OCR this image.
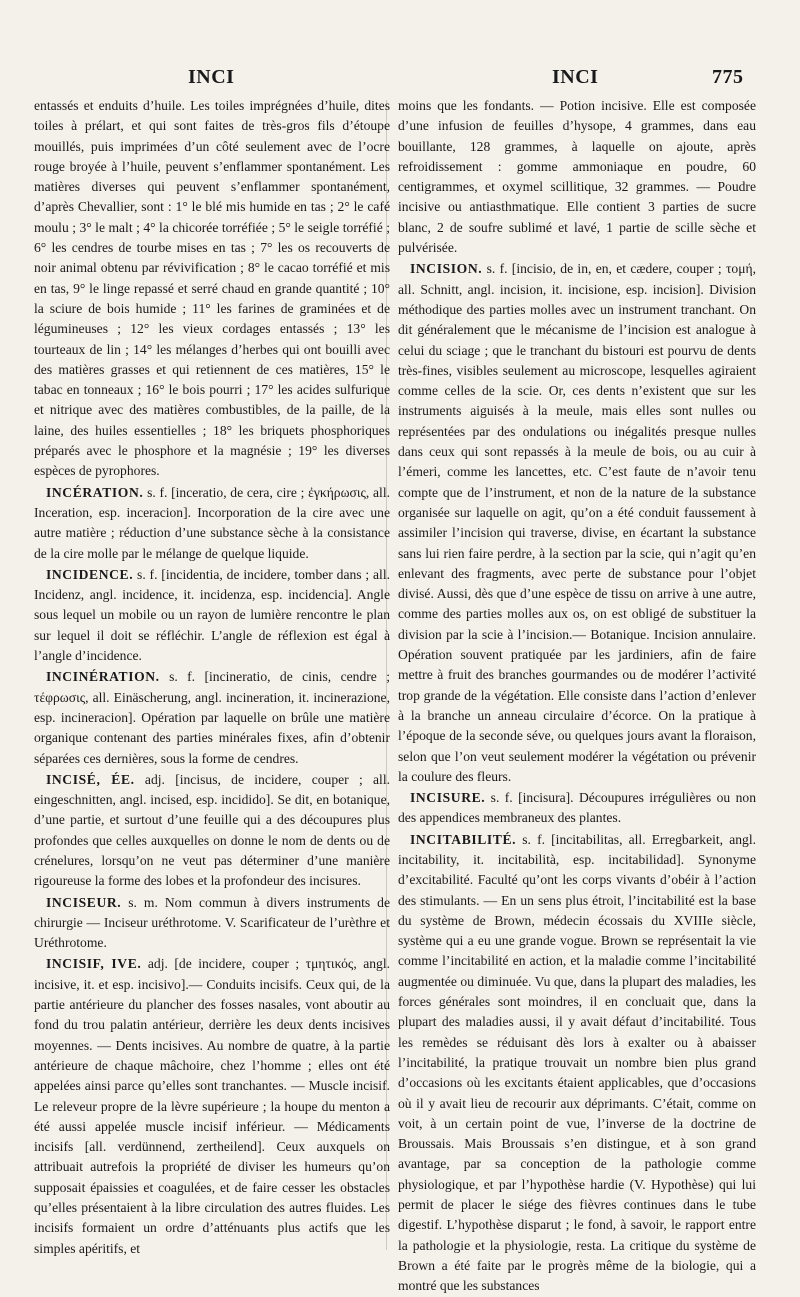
INCI	INCI	775

entassés et enduits d’huile. Les toiles imprégnées d’huile, dites toiles à prélart, et qui sont faites de très-gros fils d’étoupe mouillés, puis imprimées d’un côté seulement avec de l’ocre rouge broyée à l’huile, peuvent s’enflammer spontanément. Les matières diverses qui peuvent s’enflammer spontanément, d’après Chevallier, sont : 1° le blé mis humide en tas ; 2° le café moulu ; 3° le malt ; 4° la chicorée torréfiée ; 5° le seigle torréfié ; 6° les cendres de tourbe mises en tas ; 7° les os recouverts de noir animal obtenu par révivification ; 8° le cacao torréfié et mis en tas, 9° le linge repassé et serré chaud en grande quantité ; 10° la sciure de bois humide ; 11° les farines de graminées et de légumineuses ; 12° les vieux cordages entassés ; 13° les tourteaux de lin ; 14° les mélanges d’herbes qui ont bouilli avec des matières grasses et qui retiennent de ces matières, 15° le tabac en tonneaux ; 16° le bois pourri ; 17° les acides sulfurique et nitrique avec des matières combustibles, de la paille, de la laine, des huiles essentielles ; 18° les briquets phosphoriques préparés avec le phosphore et la magnésie ; 19° les diverses espèces de pyrophores.

INCÉRATION. s. f. [inceratio, de cera, cire ; ἐγκήρωσις, all. Inceration, esp. inceracion]. Incorporation de la cire avec une autre matière ; réduction d’une substance sèche à la consistance de la cire molle par le mélange de quelque liquide.

INCIDENCE. s. f. [incidentia, de incidere, tomber dans ; all. Incidenz, angl. incidence, it. incidenza, esp. incidencia]. Angle sous lequel un mobile ou un rayon de lumière rencontre le plan sur lequel il doit se réfléchir. L’angle de réflexion est égal à l’angle d’incidence.

INCINÉRATION. s. f. [incineratio, de cinis, cendre ; τέφρωσις, all. Einäscherung, angl. incineration, it. incinerazione, esp. incineracion]. Opération par laquelle on brûle une matière organique contenant des parties minérales fixes, afin d’obtenir séparées ces dernières, sous la forme de cendres.

INCISÉ, ÉE. adj. [incisus, de incidere, couper ; all. eingeschnitten, angl. incised, esp. incidido]. Se dit, en botanique, d’une partie, et surtout d’une feuille qui a des découpures plus profondes que celles auxquelles on donne le nom de dents ou de crénelures, lorsqu’on ne veut pas déterminer d’une manière rigoureuse la forme des lobes et la profondeur des incisures.

INCISEUR. s. m. Nom commun à divers instruments de chirurgie — Inciseur uréthrotome. V. Scarificateur de l’urèthre et Uréthrotome.

INCISIF, IVE. adj. [de incidere, couper ; τμητικός, angl. incisive, it. et esp. incisivo].— Conduits incisifs. Ceux qui, de la partie antérieure du plancher des fosses nasales, vont aboutir au fond du trou palatin antérieur, derrière les deux dents incisives moyennes. — Dents incisives. Au nombre de quatre, à la partie antérieure de chaque mâchoire, chez l’homme ; elles ont été appelées ainsi parce qu’elles sont tranchantes. — Muscle incisif. Le releveur propre de la lèvre supérieure ; la houpe du menton a été aussi appelée muscle incisif inférieur. — Médicaments incisifs [all. verdünnend, zertheilend]. Ceux auxquels on attribuait autrefois la propriété de diviser les humeurs qu’on supposait épaissies et coagulées, et de faire cesser les obstacles qu’elles présentaient à la libre circulation des autres fluides. Les incisifs formaient un ordre d’atténuants plus actifs que les simples apéritifs, et

moins que les fondants. — Potion incisive. Elle est composée d’une infusion de feuilles d’hysope, 4 grammes, dans eau bouillante, 128 grammes, à laquelle on ajoute, après refroidissement : gomme ammoniaque en poudre, 60 centigrammes, et oxymel scillitique, 32 grammes. — Poudre incisive ou antiasthmatique. Elle contient 3 parties de sucre blanc, 2 de soufre sublimé et lavé, 1 partie de scille sèche et pulvérisée.

INCISION. s. f. [incisio, de in, en, et cædere, couper ; τομή, all. Schnitt, angl. incision, it. incisione, esp. incision]. Division méthodique des parties molles avec un instrument tranchant. On dit généralement que le mécanisme de l’incision est analogue à celui du sciage ; que le tranchant du bistouri est pourvu de dents très-fines, visibles seulement au microscope, lesquelles agiraient comme celles de la scie. Or, ces dents n’existent que sur les instruments aiguisés à la meule, mais elles sont nulles ou représentées par des ondulations ou inégalités presque nulles dans ceux qui sont repassés à la meule de bois, ou au cuir à l’émeri, comme les lancettes, etc. C’est faute de n’avoir tenu compte que de l’instrument, et non de la nature de la substance organisée sur laquelle on agit, qu’on a été conduit faussement à assimiler l’incision qui traverse, divise, en écartant la substance sans lui rien faire perdre, à la section par la scie, qui n’agit qu’en enlevant des fragments, avec perte de substance pour l’objet divisé. Aussi, dès que d’une espèce de tissu on arrive à une autre, comme des parties molles aux os, on est obligé de substituer la division par la scie à l’incision.— Botanique. Incision annulaire. Opération souvent pratiquée par les jardiniers, afin de faire mettre à fruit des branches gourmandes ou de modérer l’activité trop grande de la végétation. Elle consiste dans l’action d’enlever à la branche un anneau circulaire d’écorce. On la pratique à l’époque de la seconde séve, ou quelques jours avant la floraison, selon que l’on veut seulement modérer la végétation ou prévenir la coulure des fleurs.

INCISURE. s. f. [incisura]. Découpures irrégulières ou non des appendices membraneux des plantes.

INCITABILITÉ. s. f. [incitabilitas, all. Erregbarkeit, angl. incitability, it. incitabilità, esp. incitabilidad]. Synonyme d’excitabilité. Faculté qu’ont les corps vivants d’obéir à l’action des stimulants. — En un sens plus étroit, l’incitabilité est la base du système de Brown, médecin écossais du XVIIIe siècle, système qui a eu une grande vogue. Brown se représentait la vie comme l’incitabilité en action, et la maladie comme l’incitabilité augmentée ou diminuée. Vu que, dans la plupart des maladies, les forces générales sont moindres, il en concluait que, dans la plupart des maladies aussi, il y avait défaut d’incitabilité. Tous les remèdes se réduisant dès lors à exalter ou à abaisser l’incitabilité, la pratique trouvait un nombre bien plus grand d’occasions où les excitants étaient applicables, que d’occasions où il y avait lieu de recourir aux déprimants. C’était, comme on voit, à un certain point de vue, l’inverse de la doctrine de Broussais. Mais Broussais s’en distingue, et à son grand avantage, par sa conception de la pathologie comme physiologique, et par l’hypothèse hardie (V. Hypothèse) qui lui permit de placer le siége des fièvres continues dans le tube digestif. L’hypothèse disparut ; le fond, à savoir, le rapport entre la pathologie et la physiologie, resta. La critique du système de Brown a été faite par le progrès même de la biologie, qui a montré que les substances
